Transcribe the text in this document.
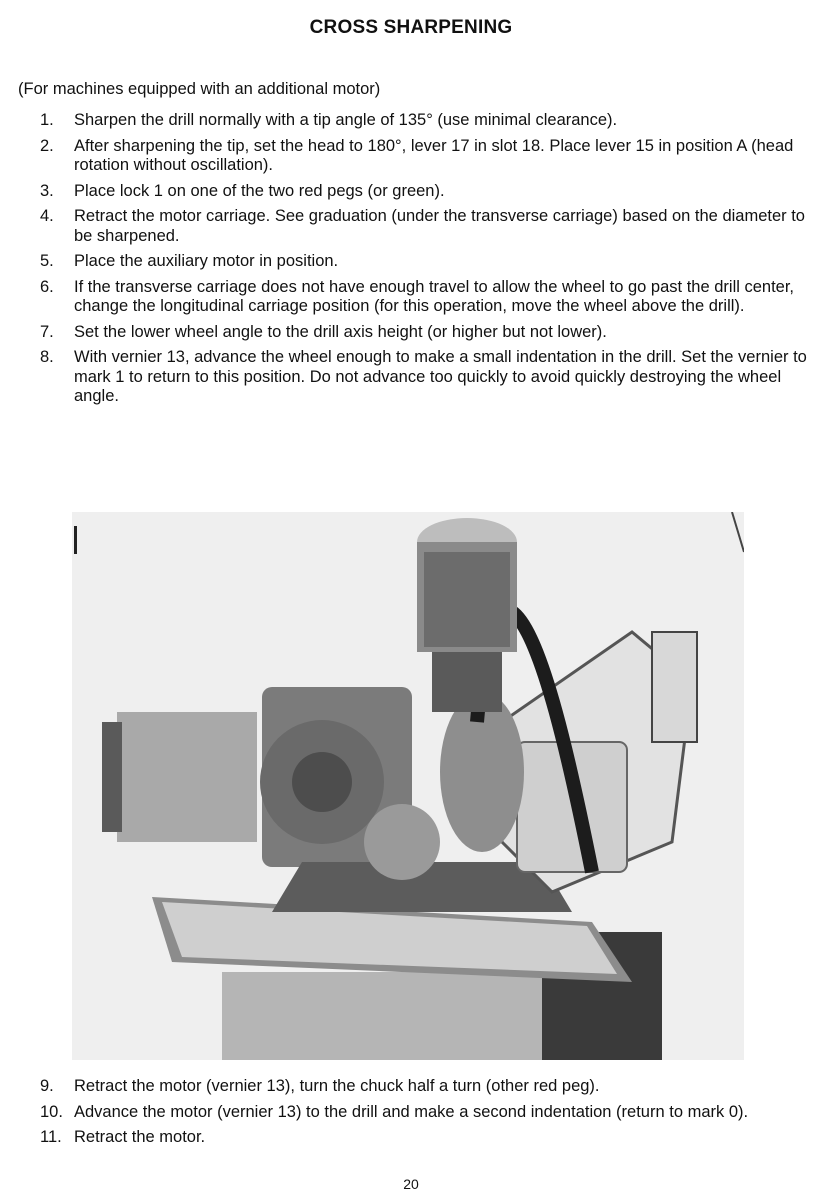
CROSS SHARPENING
(For machines equipped with an additional motor)
1.	Sharpen the drill normally with a tip angle of 135° (use minimal clearance).
2.	After sharpening the tip, set the head to 180°, lever 17 in slot 18. Place lever 15 in position A (head rotation without oscillation).
3.	Place lock 1 on one of the two red pegs (or green).
4.	Retract the motor carriage. See graduation (under the transverse carriage) based on the diameter to be sharpened.
5.	Place the auxiliary motor in position.
6.	If the transverse carriage does not have enough travel to allow the wheel to go past the drill center, change the longitudinal carriage position (for this operation, move the wheel above the drill).
7.	Set the lower wheel angle to the drill axis height (or higher but not lower).
8.	With vernier 13, advance the wheel enough to make a small indentation in the drill. Set the vernier to mark 1 to return to this position. Do not advance too quickly to avoid quickly destroying the wheel angle.
9.	Retract the motor (vernier 13), turn the chuck half a turn (other red peg).
10. Advance the motor (vernier 13) to the drill and make a second indentation (return to mark 0).
11. Retract the motor.
20
